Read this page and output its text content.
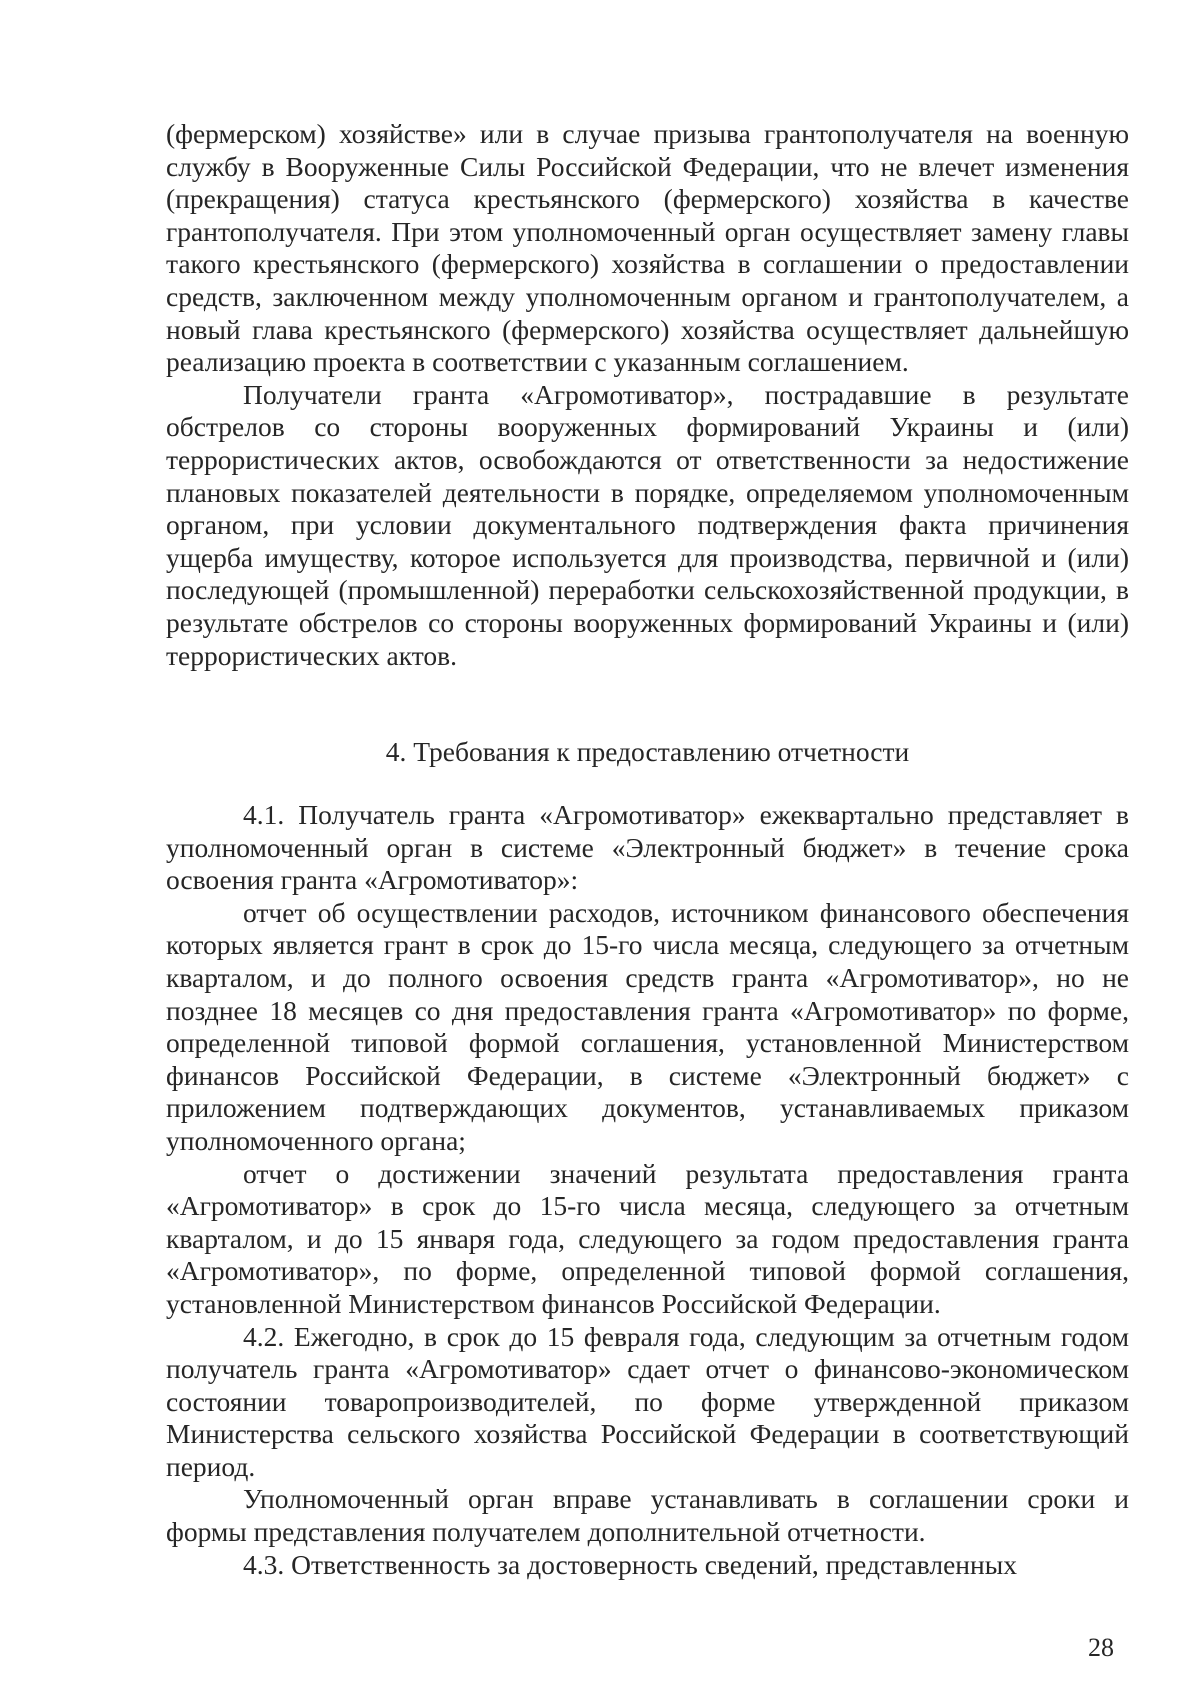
(фермерском) хозяйстве» или в случае призыва грантополучателя на военную службу в Вооруженные Силы Российской Федерации, что не влечет изменения (прекращения) статуса крестьянского (фермерского) хозяйства в качестве грантополучателя. При этом уполномоченный орган осуществляет замену главы такого крестьянского (фермерского) хозяйства в соглашении о предоставлении средств, заключенном между уполномоченным органом и грантополучателем, а новый глава крестьянского (фермерского) хозяйства осуществляет дальнейшую реализацию проекта в соответствии с указанным соглашением.

Получатели гранта «Агромотиватор», пострадавшие в результате обстрелов со стороны вооруженных формирований Украины и (или) террористических актов, освобождаются от ответственности за недостижение плановых показателей деятельности в порядке, определяемом уполномоченным органом, при условии документального подтверждения факта причинения ущерба имуществу, которое используется для производства, первичной и (или) последующей (промышленной) переработки сельскохозяйственной продукции, в результате обстрелов со стороны вооруженных формирований Украины и (или) террористических актов.

4. Требования к предоставлению отчетности

4.1. Получатель гранта «Агромотиватор» ежеквартально представляет в уполномоченный орган в системе «Электронный бюджет» в течение срока освоения гранта «Агромотиватор»:

отчет об осуществлении расходов, источником финансового обеспечения которых является грант в срок до 15-го числа месяца, следующего за отчетным кварталом, и до полного освоения средств гранта «Агромотиватор», но не позднее 18 месяцев со дня предоставления гранта «Агромотиватор» по форме, определенной типовой формой соглашения, установленной Министерством финансов Российской Федерации, в системе «Электронный бюджет» с приложением подтверждающих документов, устанавливаемых приказом уполномоченного органа;

отчет о достижении значений результата предоставления гранта «Агромотиватор» в срок до 15-го числа месяца, следующего за отчетным кварталом, и до 15 января года, следующего за годом предоставления гранта «Агромотиватор», по форме, определенной типовой формой соглашения, установленной Министерством финансов Российской Федерации.

4.2. Ежегодно, в срок до 15 февраля года, следующим за отчетным годом получатель гранта «Агромотиватор» сдает отчет о финансово-экономическом состоянии товаропроизводителей, по форме утвержденной приказом Министерства сельского хозяйства Российской Федерации в соответствующий период.

Уполномоченный орган вправе устанавливать в соглашении сроки и формы представления получателем дополнительной отчетности.

4.3. Ответственность за достоверность сведений, представленных

28
